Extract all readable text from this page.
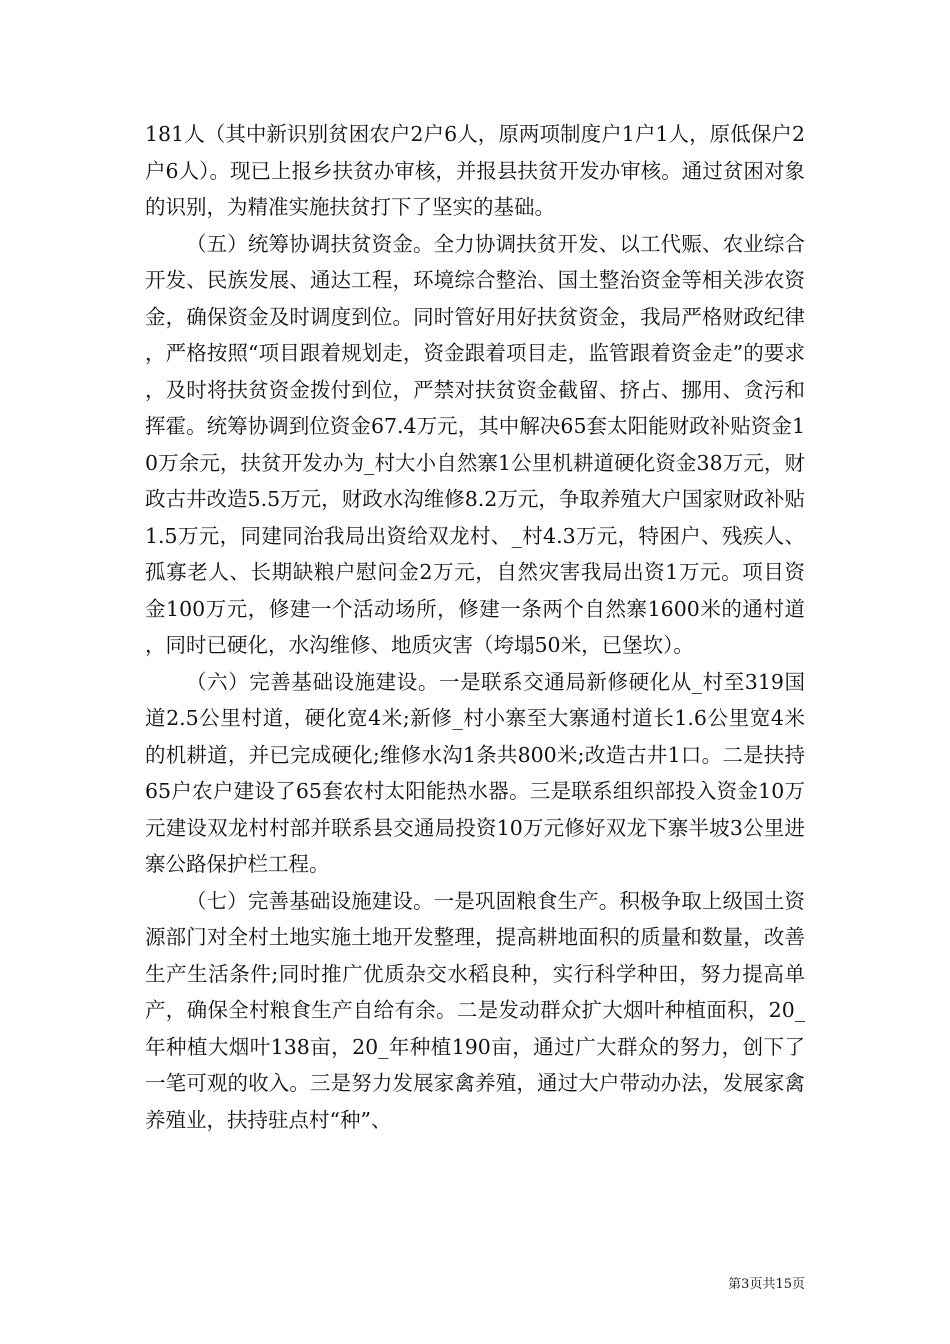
181人（其中新识别贫困农户2户6人，原两项制度户1户1人，原低保户2户6人）。现已上报乡扶贫办审核，并报县扶贫开发办审核。通过贫困对象的识别，为精准实施扶贫打下了坚实的基础。

（五）统筹协调扶贫资金。全力协调扶贫开发、以工代赈、农业综合开发、民族发展、通达工程，环境综合整治、国土整治资金等相关涉农资金，确保资金及时调度到位。同时管好用好扶贫资金，我局严格财政纪律，严格按照“项目跟着规划走，资金跟着项目走，监管跟着资金走”的要求，及时将扶贫资金拨付到位，严禁对扶贫资金截留、挤占、挪用、贪污和挥霍。统筹协调到位资金67.4万元，其中解决65套太阳能财政补贴资金10万余元，扶贫开发办为_村大小自然寨1公里机耕道硬化资金38万元，财政古井改造5.5万元，财政水沟维修8.2万元，争取养殖大户国家财政补贴1.5万元，同建同治我局出资给双龙村、_村4.3万元，特困户、残疾人、孤寡老人、长期缺粮户慰问金2万元，自然灾害我局出资1万元。项目资金100万元，修建一个活动场所，修建一条两个自然寨1600米的通村道，同时已硬化，水沟维修、地质灾害（垮塌50米，已堡坎）。

（六）完善基础设施建设。一是联系交通局新修硬化从_村至319国道2.5公里村道，硬化宽4米;新修_村小寨至大寨通村道长1.6公里宽4米的机耕道，并已完成硬化;维修水沟1条共800米;改造古井1口。二是扶持65户农户建设了65套农村太阳能热水器。三是联系组织部投入资金10万元建设双龙村村部并联系县交通局投资10万元修好双龙下寨半坡3公里进寨公路保护栏工程。

（七）完善基础设施建设。一是巩固粮食生产。积极争取上级国土资源部门对全村土地实施土地开发整理，提高耕地面积的质量和数量，改善生产生活条件;同时推广优质杂交水稻良种，实行科学种田，努力提高单产，确保全村粮食生产自给有余。二是发动群众扩大烟叶种植面积，20_年种植大烟叶138亩，20_年种植190亩，通过广大群众的努力，创下了一笔可观的收入。三是努力发展家禽养殖，通过大户带动办法，发展家禽养殖业，扶持驻点村“种”、

第3页共15页
